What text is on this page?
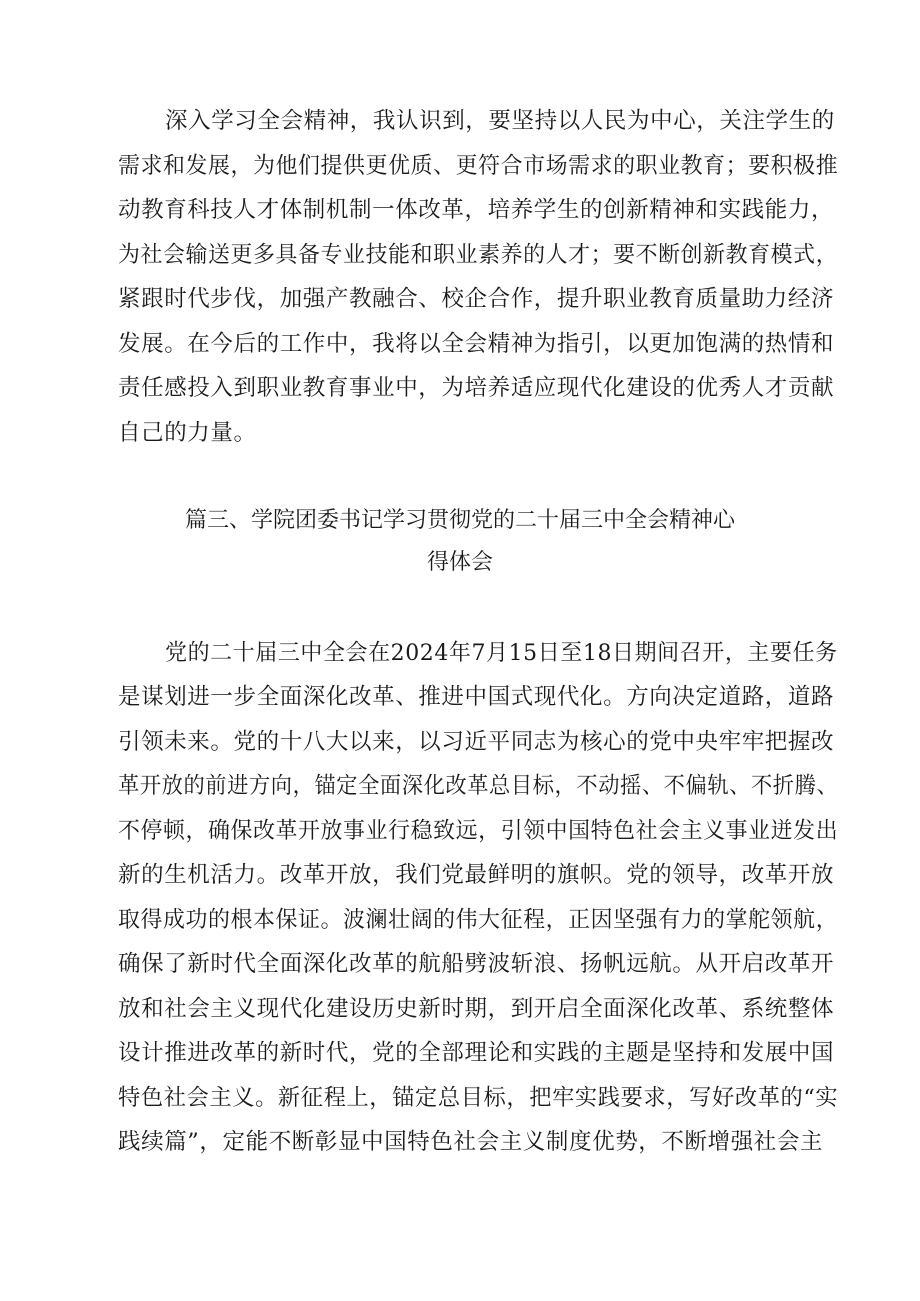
深入学习全会精神，我认识到，要坚持以人民为中心，关注学生的
需求和发展，为他们提供更优质、更符合市场需求的职业教育；要积极推
动教育科技人才体制机制一体改革，培养学生的创新精神和实践能力，
为社会输送更多具备专业技能和职业素养的人才；要不断创新教育模式，
紧跟时代步伐，加强产教融合、校企合作，提升职业教育质量助力经济
发展。在今后的工作中，我将以全会精神为指引，以更加饱满的热情和
责任感投入到职业教育事业中，为培养适应现代化建设的优秀人才贡献
自己的力量。
篇三、学院团委书记学习贯彻党的二十届三中全会精神心
得体会
党的二十届三中全会在2024年7月15日至18日期间召开，主要任务
是谋划进一步全面深化改革、推进中国式现代化。方向决定道路，道路
引领未来。党的十八大以来，以习近平同志为核心的党中央牢牢把握改
革开放的前进方向，锚定全面深化改革总目标，不动摇、不偏轨、不折腾、
不停顿，确保改革开放事业行稳致远，引领中国特色社会主义事业迸发出
新的生机活力。改革开放，我们党最鲜明的旗帜。党的领导，改革开放
取得成功的根本保证。波澜壮阔的伟大征程，正因坚强有力的掌舵领航，
确保了新时代全面深化改革的航船劈波斩浪、扬帆远航。从开启改革开
放和社会主义现代化建设历史新时期，到开启全面深化改革、系统整体
设计推进改革的新时代，党的全部理论和实践的主题是坚持和发展中国
特色社会主义。新征程上，锚定总目标，把牢实践要求，写好改革的“实
践续篇”，定能不断彰显中国特色社会主义制度优势，不断增强社会主
